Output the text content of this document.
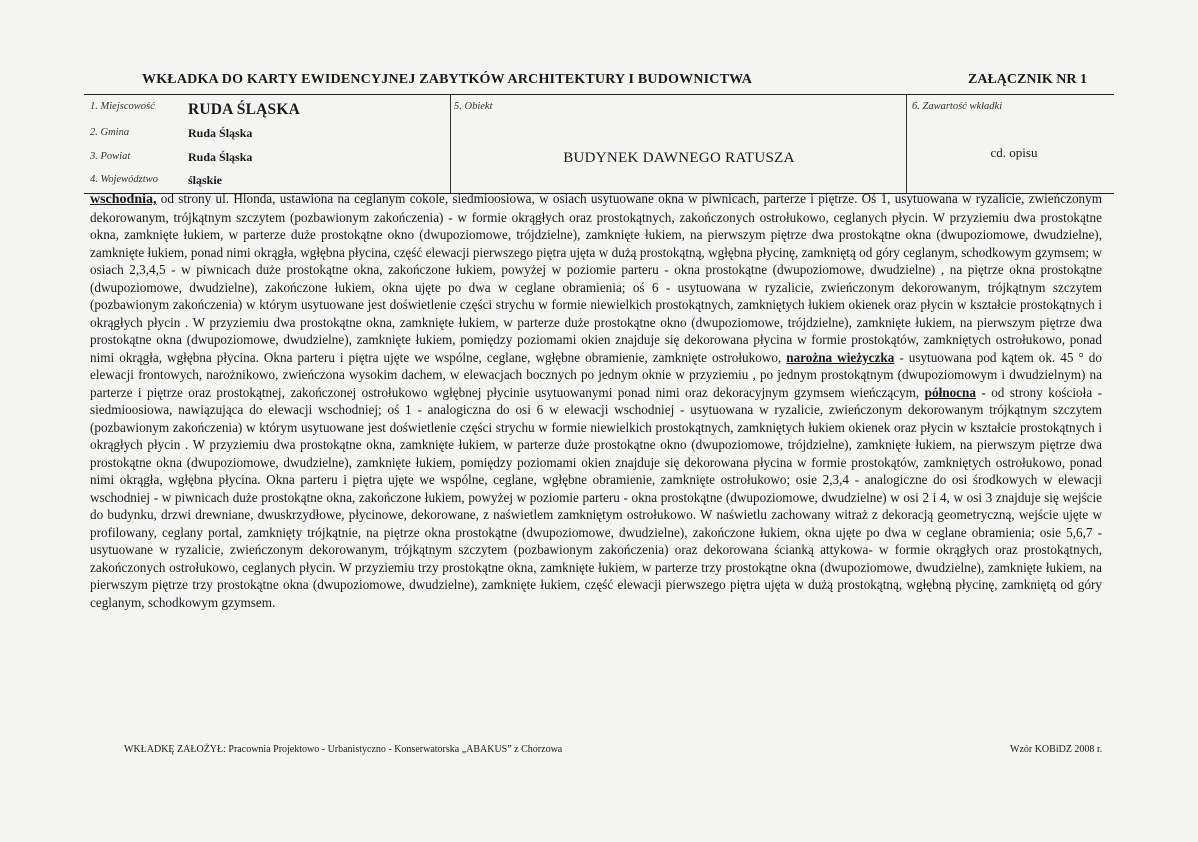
WKŁADKA DO KARTY EWIDENCYJNEJ ZABYTKÓW ARCHITEKTURY I BUDOWNICTWA	ZAŁĄCZNIK NR 1
1. Miejscowość RUDA ŚLĄSKA
2. Gmina	Ruda Śląska
3. Powiat	Ruda Śląska
4. Województwo	śląskie
5. Obiekt
BUDYNEK DAWNEGO RATUSZA
6. Zawartość wkładki
cd. opisu
wschodnia, od strony ul. Hlonda, ustawiona na ceglanym cokole, siedmioosiowa, w osiach usytuowane okna w piwnicach, parterze i piętrze. Oś 1, usytuowana w ryzalicie, zwieńczonym dekorowanym, trójkątnym szczytem (pozbawionym zakończenia) - w formie okrągłych oraz prostokątnych, zakończonych ostrołukowo, ceglanych płycin. W przyziemiu dwa prostokątne okna, zamknięte łukiem, w parterze duże prostokątne okno (dwupoziomowe, trójdzielne), zamknięte łukiem, na pierwszym piętrze dwa prostokątne okna (dwupoziomowe, dwudzielne), zamknięte łukiem, ponad nimi okrągła, wgłębna płycina, część elewacji pierwszego piętra ujęta w dużą prostokątną, wgłębna płycinę, zamkniętą od góry ceglanym, schodkowym gzymsem; w osiach 2,3,4,5 - w piwnicach duże prostokątne okna, zakończone łukiem, powyżej w poziomie parteru - okna prostokątne (dwupoziomowe, dwudzielne) , na piętrze okna prostokątne (dwupoziomowe, dwudzielne), zakończone łukiem, okna ujęte po dwa w ceglane obramienia; oś 6 - usytuowana w ryzalicie, zwieńczonym dekorowanym, trójkątnym szczytem (pozbawionym zakończenia) w którym usytuowane jest doświetlenie części strychu w formie niewielkich prostokątnych, zamkniętych łukiem okienek oraz płycin w kształcie prostokątnych i okrągłych płycin . W przyziemiu dwa prostokątne okna, zamknięte łukiem, w parterze duże prostokątne okno (dwupoziomowe, trójdzielne), zamknięte łukiem, na pierwszym piętrze dwa prostokątne okna (dwupoziomowe, dwudzielne), zamknięte łukiem, pomiędzy poziomami okien znajduje się dekorowana płycina w formie prostokątów, zamkniętych ostrołukowo, ponad nimi okrągła, wgłębna płycina. Okna parteru i piętra ujęte we wspólne, ceglane, wgłębne obramienie, zamknięte ostrołukowo, narożna wieżyczka - usytuowana pod kątem ok. 45 ° do elewacji frontowych, narożnikowo, zwieńczona wysokim dachem, w elewacjach bocznych po jednym oknie w przyziemiu , po jednym prostokątnym (dwupoziomowym i dwudzielnym) na parterze i piętrze oraz prostokątnej, zakończonej ostrołukowo wgłębnej płycinie usytuowanymi ponad nimi oraz dekoracyjnym gzymsem wieńczącym, północna - od strony kościoła - siedmioosiowa, nawiązująca do elewacji wschodniej; oś 1 - analogiczna do osi 6 w elewacji wschodniej - usytuowana w ryzalicie, zwieńczonym dekorowanym trójkątnym szczytem (pozbawionym zakończenia) w którym usytuowane jest doświetlenie części strychu w formie niewielkich prostokątnych, zamkniętych łukiem okienek oraz płycin w kształcie prostokątnych i okrągłych płycin . W przyziemiu dwa prostokątne okna, zamknięte łukiem, w parterze duże prostokątne okno (dwupoziomowe, trójdzielne), zamknięte łukiem, na pierwszym piętrze dwa prostokątne okna (dwupoziomowe, dwudzielne), zamknięte łukiem, pomiędzy poziomami okien znajduje się dekorowana płycina w formie prostokątów, zamkniętych ostrołukowo, ponad nimi okrągła, wgłębna płycina. Okna parteru i piętra ujęte we wspólne, ceglane, wgłębne obramienie, zamknięte ostrołukowo; osie 2,3,4 - analogiczne do osi środkowych w elewacji wschodniej - w piwnicach duże prostokątne okna, zakończone łukiem, powyżej w poziomie parteru - okna prostokątne (dwupoziomowe, dwudzielne) w osi 2 i 4, w osi 3 znajduje się wejście do budynku, drzwi drewniane, dwuskrzydłowe, płycinowe, dekorowane, z naświetlem zamkniętym ostrołukowo. W naświetlu zachowany witraż z dekoracją geometryczną, wejście ujęte w profilowany, ceglany portal, zamknięty trójkątnie, na piętrze okna prostokątne (dwupoziomowe, dwudzielne), zakończone łukiem, okna ujęte po dwa w ceglane obramienia; osie 5,6,7 - usytuowane w ryzalicie, zwieńczonym dekorowanym, trójkątnym szczytem (pozbawionym zakończenia) oraz dekorowana ścianką attykowa- w formie okrągłych oraz prostokątnych, zakończonych ostrołukowo, ceglanych płycin. W przyziemiu trzy prostokątne okna, zamknięte łukiem, w parterze trzy prostokątne okna (dwupoziomowe, dwudzielne), zamknięte łukiem, na pierwszym piętrze trzy prostokątne okna (dwupoziomowe, dwudzielne), zamknięte łukiem, część elewacji pierwszego piętra ujęta w dużą prostokątną, wgłębną płycinę, zamkniętą od góry ceglanym, schodkowym gzymsem.
WKŁADKĘ ZAŁOŻYŁ: Pracownia Projektowo - Urbanistyczno - Konserwatorska „ABAKUS” z Chorzowa	Wzór KOBiDZ 2008 r.
